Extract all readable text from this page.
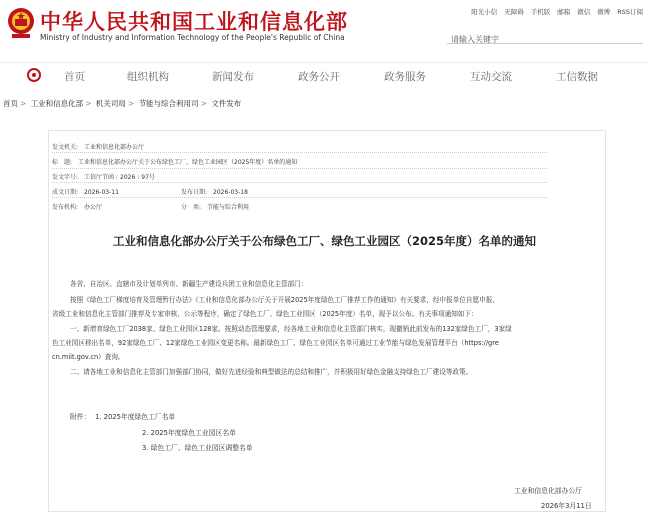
中华人民共和国工业和信息化部
Ministry of Industry and Information Technology of the People's Republic of China
阳光小信 无障碍 手机版 邮箱 微信 微博 RSS订阅
请输入关键字
首页	组织机构	新闻发布	政务公开	政务服务	互动交流	工信数据
首页 > 工业和信息化部 > 机关司局 > 节能与综合利用司 > 文件发布
发文机关: 工业和信息化部办公厅
标　题: 工业和信息化部办公厅关于公布绿色工厂、绿色工业园区（2025年度）名单的通知
发文字号: 工信厅节函﹝2026﹞97号
成文日期: 2026-03-11	发布日期: 2026-03-18
发布机构: 办公厅	分　类: 节能与综合利用
工业和信息化部办公厅关于公布绿色工厂、绿色工业园区（2025年度）名单的通知
各省、自治区、直辖市及计划单列市、新疆生产建设兵团工业和信息化主管部门：
按照《绿色工厂梯度培育及管理暂行办法》《工业和信息化部办公厅关于开展2025年度绿色工厂推荐工作的通知》有关要求，经申报单位自愿申报、
省级工业和信息化主管部门推荐及专家审核、公示等程序，确定了绿色工厂、绿色工业园区（2025年度）名单，现予以公布。有关事项通知如下：
一、新增育绿色工厂2038家、绿色工业园区128家。按照动态管理要求，经各地工业和信息化主管部门核实，现撤销此前发布的132家绿色工厂，3家绿
色工业园区移出名单，92家绿色工厂、12家绿色工业园区变更名称。最新绿色工厂、绿色工业园区名单可通过工业节能与绿色发展管理平台（https://gre
cn.miit.gov.cn）查询。
二、请各地工业和信息化主管部门加强部门协同，做好先进经验和典型做法的总结和推广，并积极用好绿色金融支持绿色工厂建设等政策。
附件： 1. 2025年度绿色工厂名单
2. 2025年度绿色工业园区名单
3. 绿色工厂、绿色工业园区调整名单
工业和信息化部办公厅
2026年3月11日
